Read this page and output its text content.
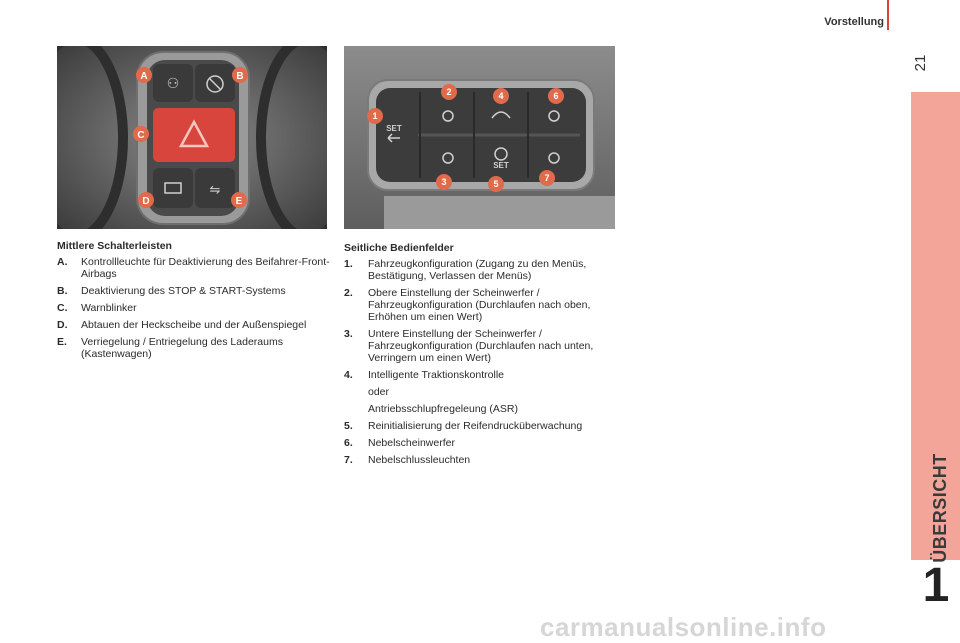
Vorstellung
21
ÜBERSICHT
1
⚇
⇋
A	B
C
D	E
SET
SET
1
2
3
4
5
6
7
Mittlere Schalterleisten
A.	Kontrollleuchte für Deaktivierung des Beifahrer-Front-Airbags
B.	Deaktivierung des STOP & START-Systems
C.	Warnblinker
D.	Abtauen der Heckscheibe und der Außenspiegel
E.	Verriegelung / Entriegelung des Laderaums (Kastenwagen)
Seitliche Bedienfelder
1.	Fahrzeugkonfiguration (Zugang zu den Menüs, Bestätigung, Verlassen der Menüs)
2.	Obere Einstellung der Scheinwerfer / Fahrzeugkonfiguration (Durchlaufen nach oben, Erhöhen um einen Wert)
3.	Untere Einstellung der Scheinwerfer / Fahrzeugkonfiguration (Durchlaufen nach unten, Verringern um einen Wert)
4.	Intelligente Traktionskontrolle
oder
Antriebsschlupfregeleung (ASR)
5.	Reinitialisierung der Reifendrucküberwachung
6.	Nebelscheinwerfer
7.	Nebelschlussleuchten
carmanualsonline.info
